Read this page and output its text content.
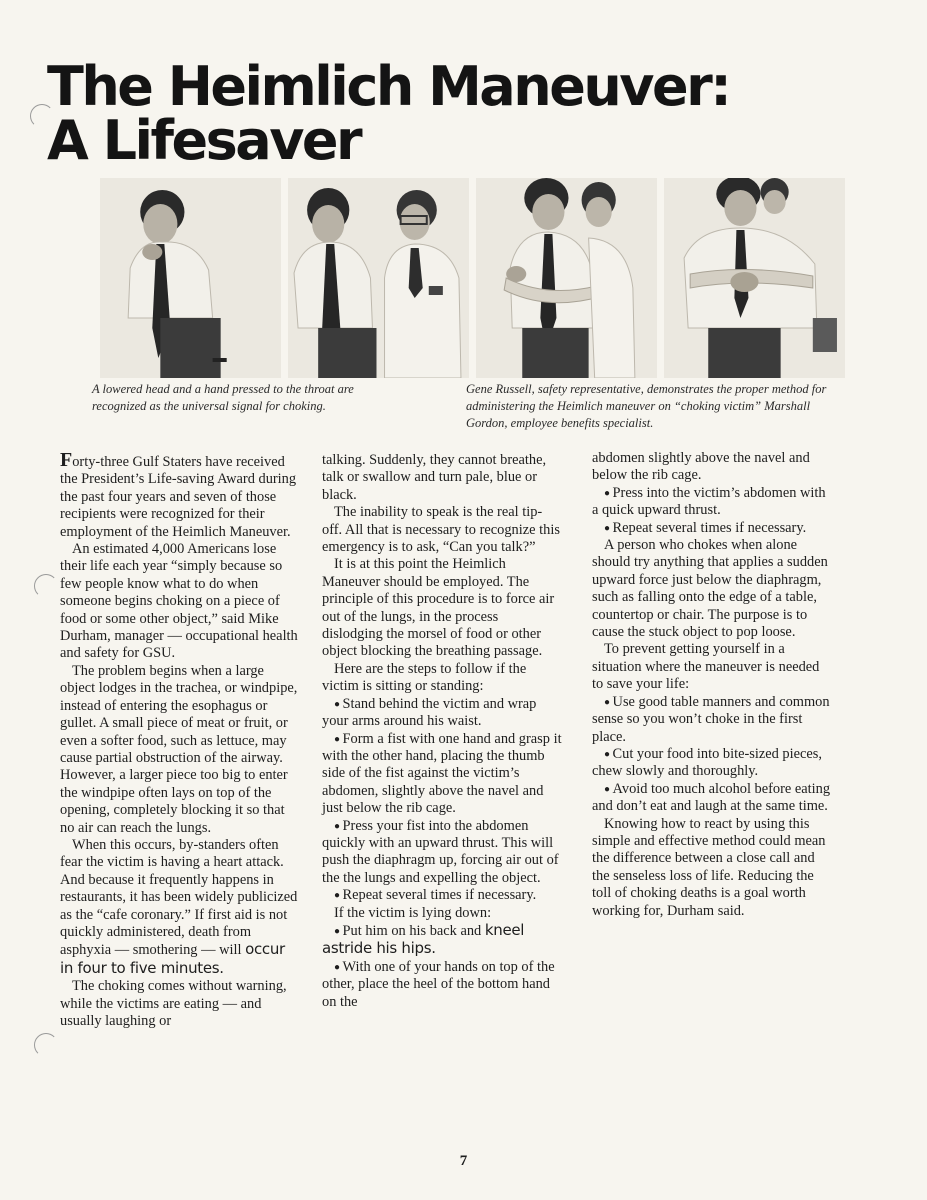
The Heimlich Maneuver:
A Lifesaver

A lowered head and a hand pressed to the throat are recognized as the universal signal for choking.

Gene Russell, safety representative, demonstrates the proper method for administering the Heimlich maneuver on “choking victim” Marshall Gordon, employee benefits specialist.

Forty-three Gulf Staters have received the President’s Life-saving Award during the past four years and seven of those recipients were recognized for their employment of the Heimlich Maneuver.

An estimated 4,000 Americans lose their life each year “simply because so few people know what to do when someone begins choking on a piece of food or some other object,” said Mike Durham, manager — occupational health and safety for GSU.

The problem begins when a large object lodges in the trachea, or windpipe, instead of entering the esophagus or gullet. A small piece of meat or fruit, or even a softer food, such as lettuce, may cause partial obstruction of the airway. However, a larger piece too big to enter the windpipe often lays on top of the opening, completely blocking it so that no air can reach the lungs.

When this occurs, by-standers often fear the victim is having a heart attack. And because it frequently happens in restaurants, it has been widely publicized as the “cafe coronary.” If first aid is not quickly administered, death from asphyxia — smothering — will occur in four to five minutes.

The choking comes without warning, while the victims are eating — and usually laughing or

talking. Suddenly, they cannot breathe, talk or swallow and turn pale, blue or black.

The inability to speak is the real tip-off. All that is necessary to recognize this emergency is to ask, “Can you talk?”

It is at this point the Heimlich Maneuver should be employed. The principle of this procedure is to force air out of the lungs, in the process dislodging the morsel of food or other object blocking the breathing passage.

Here are the steps to follow if the victim is sitting or standing:

● Stand behind the victim and wrap your arms around his waist.

● Form a fist with one hand and grasp it with the other hand, placing the thumb side of the fist against the victim’s abdomen, slightly above the navel and just below the rib cage.

● Press your fist into the abdomen quickly with an upward thrust. This will push the diaphragm up, forcing air out of the the lungs and expelling the object.

● Repeat several times if necessary.

If the victim is lying down:

● Put him on his back and kneel astride his hips.

● With one of your hands on top of the other, place the heel of the bottom hand on the

abdomen slightly above the navel and below the rib cage.

● Press into the victim’s abdomen with a quick upward thrust.

● Repeat several times if necessary.

A person who chokes when alone should try anything that applies a sudden upward force just below the diaphragm, such as falling onto the edge of a table, countertop or chair. The purpose is to cause the stuck object to pop loose.

To prevent getting yourself in a situation where the maneuver is needed to save your life:

● Use good table manners and common sense so you won’t choke in the first place.

● Cut your food into bite-sized pieces, chew slowly and thoroughly.

● Avoid too much alcohol before eating and don’t eat and laugh at the same time.

Knowing how to react by using this simple and effective method could mean the difference between a close call and the senseless loss of life. Reducing the toll of choking deaths is a goal worth working for, Durham said.

7
